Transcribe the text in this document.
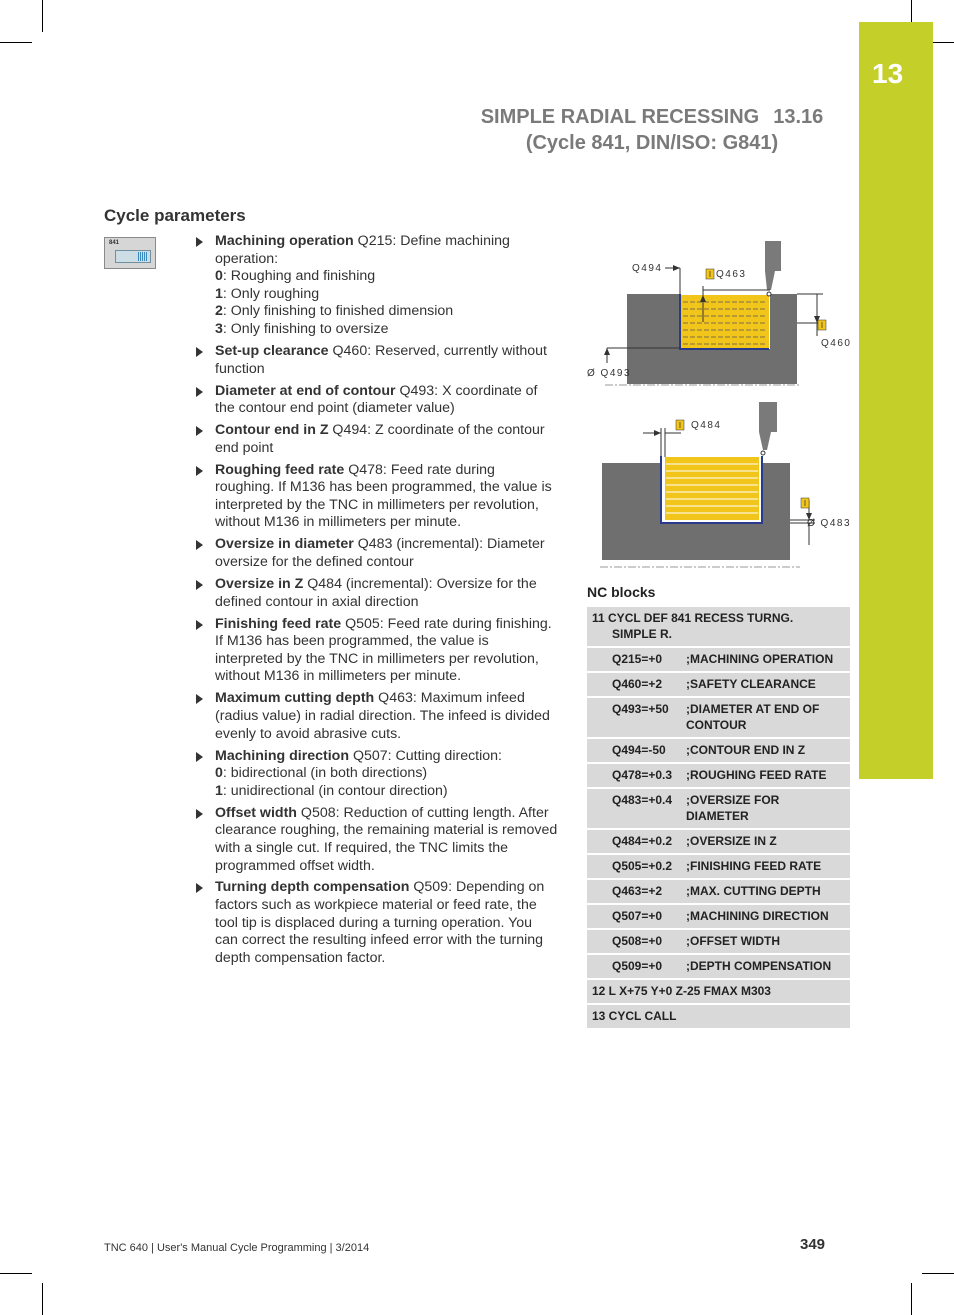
13
SIMPLE RADIAL RECESSING 13.16
(Cycle 841, DIN/ISO: G841)
Cycle parameters
841	Machining operation Q215: Define machining operation:
0: Roughing and finishing
1: Only roughing
2: Only finishing to finished dimension
3: Only finishing to oversize
Set-up clearance Q460: Reserved, currently without function
Diameter at end of contour Q493: X coordinate of the contour end point (diameter value)
Contour end in Z Q494: Z coordinate of the contour end point
Roughing feed rate Q478: Feed rate during roughing. If M136 has been programmed, the value is interpreted by the TNC in millimeters per revolution, without M136 in millimeters per minute.
Oversize in diameter Q483 (incremental): Diameter oversize for the defined contour
Oversize in Z Q484 (incremental): Oversize for the defined contour in axial direction
Finishing feed rate Q505: Feed rate during finishing. If M136 has been programmed, the value is interpreted by the TNC in millimeters per revolution, without M136 in millimeters per minute.
Maximum cutting depth Q463: Maximum infeed (radius value) in radial direction. The infeed is divided evenly to avoid abrasive cuts.
Machining direction Q507: Cutting direction:
0: bidirectional (in both directions)
1: unidirectional (in contour direction)
Offset width Q508: Reduction of cutting length. After clearance roughing, the remaining material is removed with a single cut. If required, the TNC limits the programmed offset width.
Turning depth compensation Q509: Depending on factors such as workpiece material or feed rate, the tool tip is displaced during a turning operation. You can correct the resulting infeed error with the turning depth compensation factor.
I
I
Q494
Q463
Q460
Ø Q493
I
I
Q484
Ø Q483
NC blocks
11 CYCL DEF 841 RECESS TURNG.
SIMPLE R.
Q215=+0	;MACHINING OPERATION
Q460=+2	;SAFETY CLEARANCE
Q493=+50	;DIAMETER AT END OF CONTOUR
Q494=-50	;CONTOUR END IN Z
Q478=+0.3	;ROUGHING FEED RATE
Q483=+0.4	;OVERSIZE FOR DIAMETER
Q484=+0.2	;OVERSIZE IN Z
Q505=+0.2	;FINISHING FEED RATE
Q463=+2	;MAX. CUTTING DEPTH
Q507=+0	;MACHINING DIRECTION
Q508=+0	;OFFSET WIDTH
Q509=+0	;DEPTH COMPENSATION
12 L X+75 Y+0 Z-25 FMAX M303
13 CYCL CALL
TNC 640 | User's Manual Cycle Programming | 3/2014	349
